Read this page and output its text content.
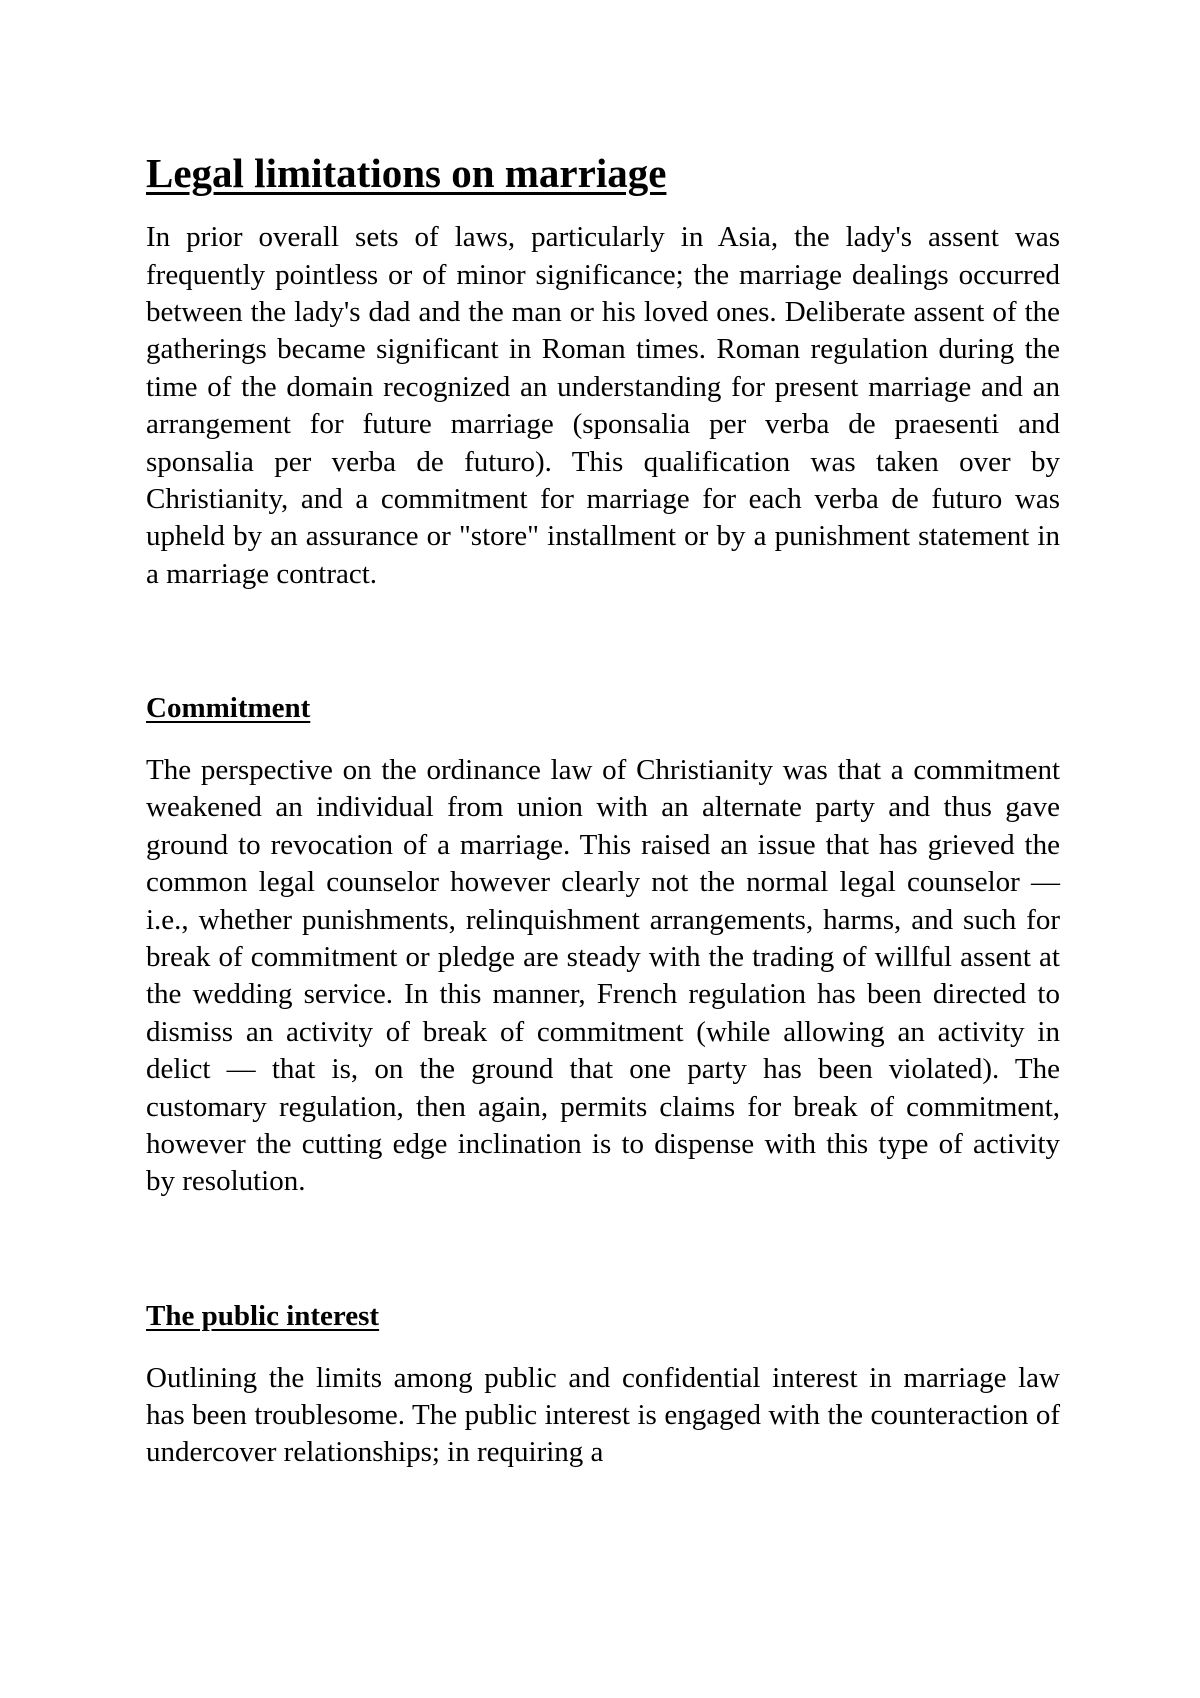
Legal limitations on marriage

In prior overall sets of laws, particularly in Asia, the lady's assent was frequently pointless or of minor significance; the marriage dealings occurred between the lady's dad and the man or his loved ones. Deliberate assent of the gatherings became significant in Roman times. Roman regulation during the time of the domain recognized an understanding for present marriage and an arrangement for future marriage (sponsalia per verba de praesenti and sponsalia per verba de futuro). This qualification was taken over by Christianity, and a commitment for marriage for each verba de futuro was upheld by an assurance or "store" installment or by a punishment statement in a marriage contract.

Commitment

The perspective on the ordinance law of Christianity was that a commitment weakened an individual from union with an alternate party and thus gave ground to revocation of a marriage. This raised an issue that has grieved the common legal counselor however clearly not the normal legal counselor — i.e., whether punishments, relinquishment arrangements, harms, and such for break of commitment or pledge are steady with the trading of willful assent at the wedding service. In this manner, French regulation has been directed to dismiss an activity of break of commitment (while allowing an activity in delict — that is, on the ground that one party has been violated). The customary regulation, then again, permits claims for break of commitment, however the cutting edge inclination is to dispense with this type of activity by resolution.

The public interest

Outlining the limits among public and confidential interest in marriage law has been troublesome. The public interest is engaged with the counteraction of undercover relationships; in requiring a
